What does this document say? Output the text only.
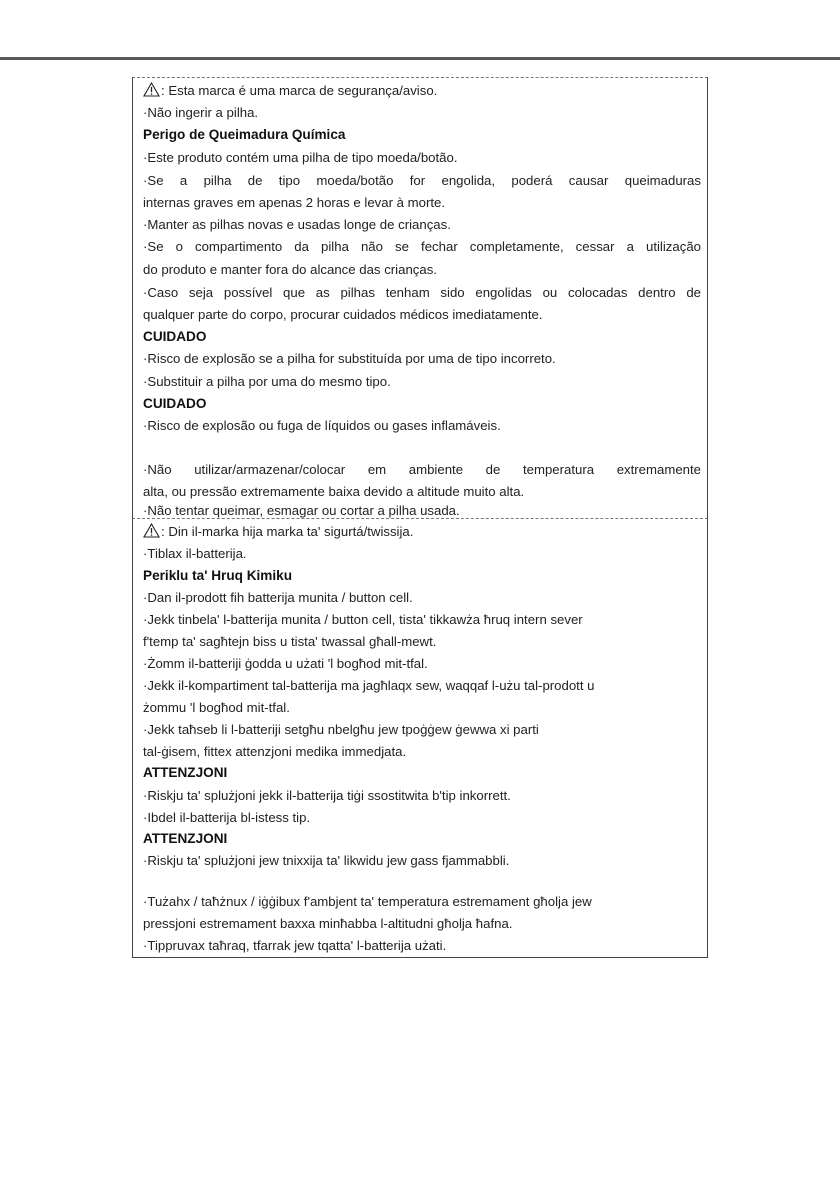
: Esta marca é uma marca de segurança/aviso.
·Não ingerir a pilha.
Perigo de Queimadura Química
·Este produto contém uma pilha de tipo moeda/botão.
·Se a pilha de tipo moeda/botão for engolida, poderá causar queimaduras
internas graves em apenas 2 horas e levar à morte.
·Manter as pilhas novas e usadas longe de crianças.
·Se o compartimento da pilha não se fechar completamente, cessar a utilização
do produto e manter fora do alcance das crianças.
·Caso seja possível que as pilhas tenham sido engolidas ou colocadas dentro de
qualquer parte do corpo, procurar cuidados médicos imediatamente.
CUIDADO
·Risco de explosão se a pilha for substituída por uma de tipo incorreto.
·Substituir a pilha por uma do mesmo tipo.
CUIDADO
·Risco de explosão ou fuga de líquidos ou gases inflamáveis.
·Não utilizar/armazenar/colocar em ambiente de temperatura extremamente
alta, ou pressão extremamente baixa devido a altitude muito alta.
·Não tentar queimar, esmagar ou cortar a pilha usada.
: Din il-marka hija marka ta' sigurtá/twissija.
·Tiblax il-batterija.
Periklu ta' Hruq Kimiku
·Dan il-prodott fih batterija munita / button cell.
·Jekk tinbela' l-batterija munita / button cell, tista' tikkawża ħruq intern sever
f'temp ta' sagħtejn biss u tista' twassal għall-mewt.
·Żomm il-batteriji ġodda u użati 'l bogħod mit-tfal.
·Jekk il-kompartiment tal-batterija ma jagħlaqx sew, waqqaf l-użu tal-prodott u
żommu 'l bogħod mit-tfal.
·Jekk taħseb li l-batteriji setgħu nbelgħu jew tpoġġew ġewwa xi parti
tal-ġisem, fittex attenzjoni medika immedjata.
ATTENZJONI
·Riskju ta' splużjoni jekk il-batterija tiġi ssostitwita b'tip inkorrett.
·Ibdel il-batterija bl-istess tip.
ATTENZJONI
·Riskju ta' splużjoni jew tnixxija ta' likwidu jew gass fjammabbli.
·Tużahx / taħżnux / iġġibux f'ambjent ta' temperatura estremament għolja jew
pressjoni estremament baxxa minħabba l-altitudni għolja ħafna.
·Tippruvax taħraq, tfarrak jew tqatta' l-batterija użati.
